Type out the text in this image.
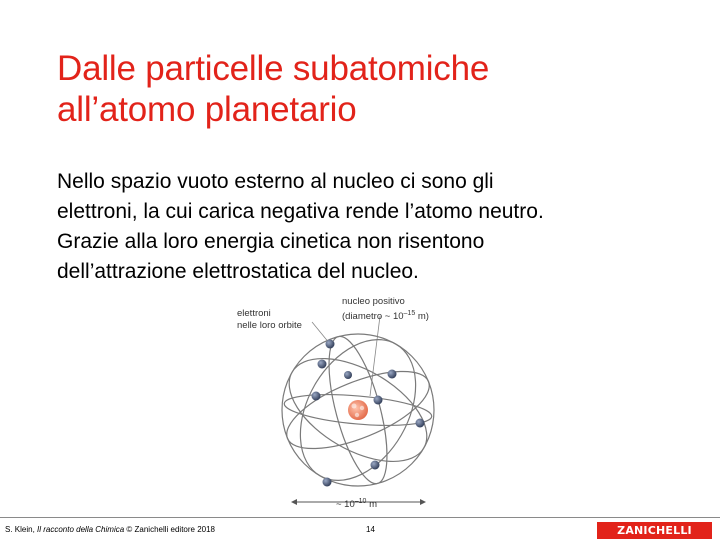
Dalle particelle subatomiche
all’atomo planetario
Nello spazio vuoto esterno al nucleo ci sono gli
elettroni, la cui carica negativa rende l’atomo neutro.
Grazie alla loro energia cinetica non risentono
dell’attrazione elettrostatica del nucleo.
elettroni
nelle loro orbite
nucleo positivo
(diametro ~ $10^{-15}$ m)
~ $10^{-10}$ m
S. Klein, Il racconto della Chimica © Zanichelli editore 2018	14	ZANICHELLI
